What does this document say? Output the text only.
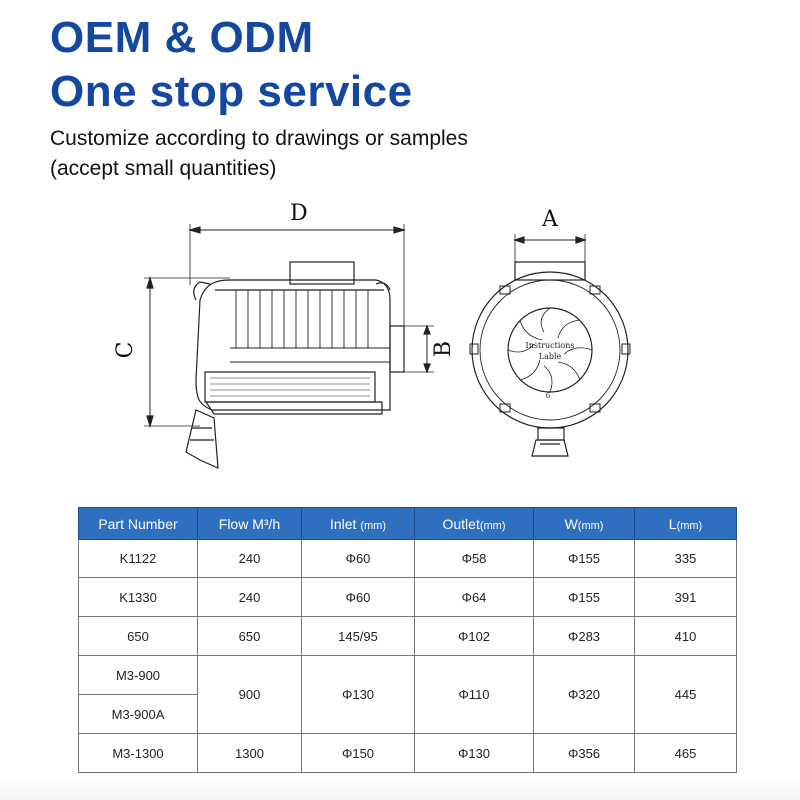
OEM & ODM
One stop service

Customize according to drawings or samples

(accept small quantities)

D	A
B
C	Instructions
Lable
6
Part Number	Flow M³/h	Inlet (mm)	Outlet(mm)	W(mm)	L(mm)
K1122	240	Φ60	Φ58	Φ155	335
K1330	240	Φ60	Φ64	Φ155	391
650	650	145/95	Φ102	Φ283	410
M3-900	900	Φ130	Φ110	Φ320	445
M3-900A					
M3-1300	1300	Φ150	Φ130	Φ356	465
